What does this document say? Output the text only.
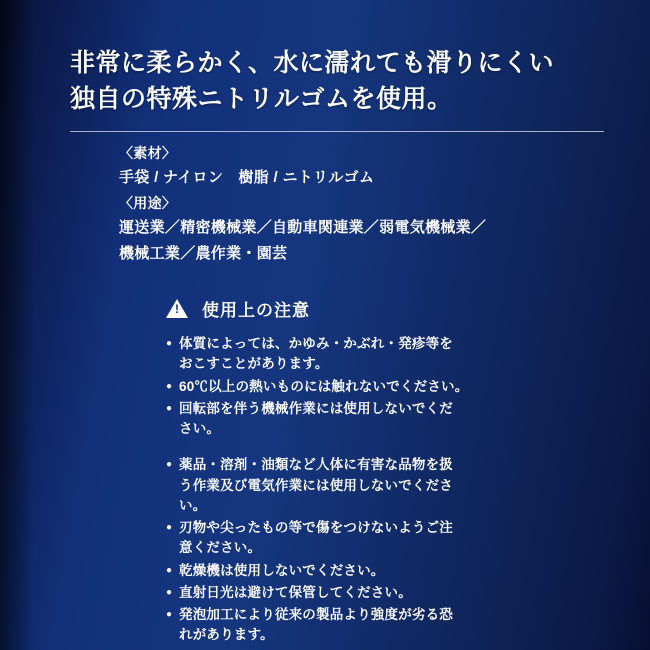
非常に柔らかく、水に濡れても滑りにくい
独自の特殊ニトリルゴムを使用。
〈素材〉
手袋 / ナイロン　樹脂 / ニトリルゴム
〈用途〉
運送業／精密機械業／自動車関連業／弱電気機械業／
機械工業／農作業・園芸
!
使用上の注意
● 体質によっては、かゆみ・かぶれ・発疹等を
おこすことがあります。
● 60℃以上の熱いものには触れないでください。
● 回転部を伴う機械作業には使用しないでくだ
さい。
● 薬品・溶剤・油類など人体に有害な品物を扱
う作業及び電気作業には使用しないでくださ
い。
● 刃物や尖ったもの等で傷をつけないようご注
意ください。
● 乾燥機は使用しないでください。
● 直射日光は避けて保管してください。
● 発泡加工により従来の製品より強度が劣る恐
れがあります。
